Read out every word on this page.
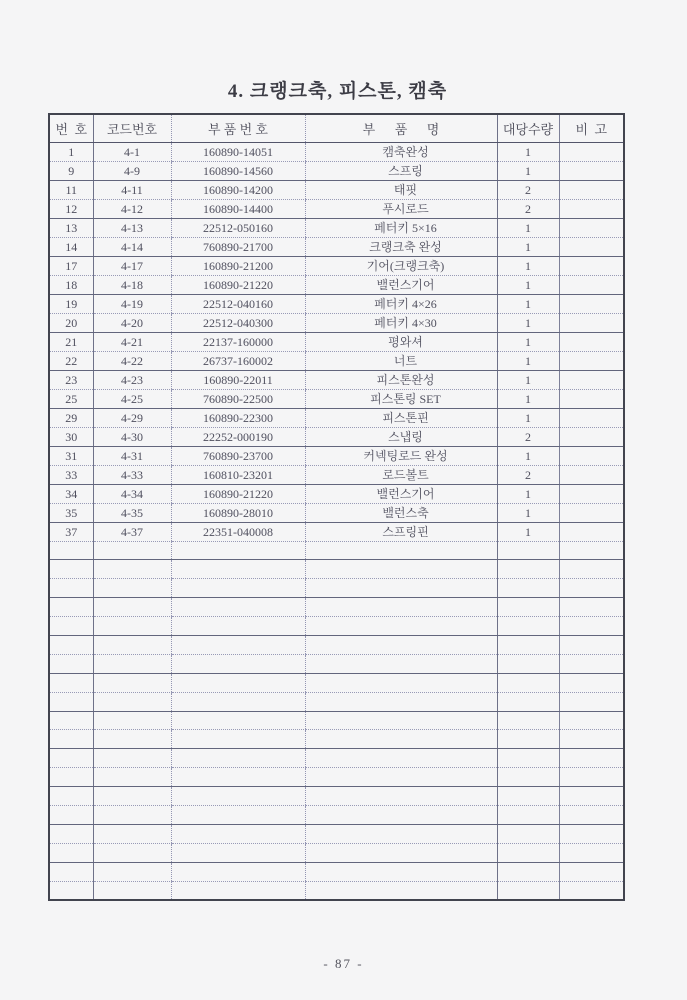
4. 크랭크축, 피스톤, 캠축
번  호	코드번호	부 품 번 호	부      품      명	대당수량	비  고
1	4-1	160890-14051	캠축완성	1	
9	4-9	160890-14560	스프링	1	
11	4-11	160890-14200	태핏	2	
12	4-12	160890-14400	푸시로드	2	
13	4-13	22512-050160	페터키 5×16	1	
14	4-14	760890-21700	크랭크축 완성	1	
17	4-17	160890-21200	기어(크랭크축)	1	
18	4-18	160890-21220	밸런스기어	1	
19	4-19	22512-040160	페터키 4×26	1	
20	4-20	22512-040300	페터키 4×30	1	
21	4-21	22137-160000	평와셔	1	
22	4-22	26737-160002	너트	1	
23	4-23	160890-22011	피스톤완성	1	
25	4-25	760890-22500	피스톤링 SET	1	
29	4-29	160890-22300	피스톤핀	1	
30	4-30	22252-000190	스냅링	2	
31	4-31	760890-23700	커넥팅로드 완성	1	
33	4-33	160810-23201	로드볼트	2	
34	4-34	160890-21220	밸런스기어	1	
35	4-35	160890-28010	밸런스축	1	
37	4-37	22351-040008	스프링핀	1	

- 87 -
